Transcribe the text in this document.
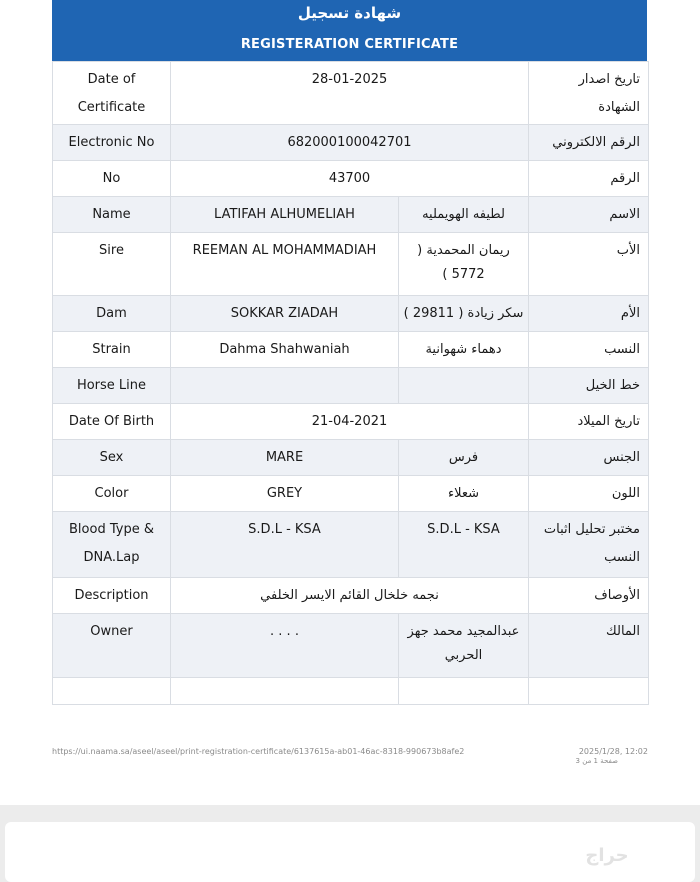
شهادة تسجيل
REGISTERATION CERTIFICATE
Date of Certificate	28-01-2025		تاريخ اصدار الشهادة
Electronic No	682000100042701		الرقم الالكتروني
No	43700		الرقم
Name	LATIFAH ALHUMELIAH	لطيفه الهويمليه	الاسم
Sire	REEMAN AL MOHAMMADIAH	ريمان المحمدية ( 5772 )	الأب
Dam	SOKKAR ZIADAH	سكر زيادة ( 29811 )	الأم
Strain	Dahma Shahwaniah	دهماء شهوانية	النسب
Horse Line			خط الخيل
Date Of Birth	21-04-2021		تاريخ الميلاد
Sex	MARE	فرس	الجنس
Color	GREY	شعلاء	اللون
Blood Type & DNA.Lap	S.D.L - KSA	S.D.L - KSA	مختبر تحليل اثبات النسب
Description	نجمه خلخال القائم الايسر الخلفي		الأوصاف
Owner	. . . .	عبدالمجيد محمد جهز الحربي	المالك

https://ui.naama.sa/aseel/aseel/print-registration-certificate/6137615a-ab01-46ac-8318-990673b8afe2	2025/1/28, 12:02
صفحة 1 من 3
حراج
